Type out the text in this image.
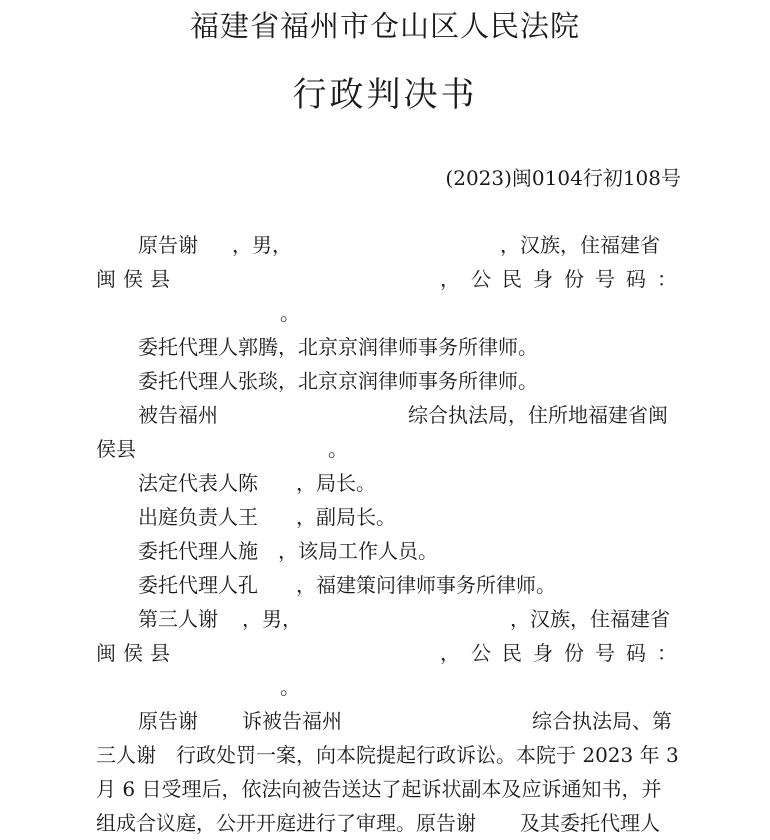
福建省福州市仓山区人民法院
行政判决书
(2023)闽0104行初108号
原告谢 ，男，	，汉族，住福建省
闽侯县	，公民身份号码：
。
委托代理人郭腾，北京京润律师事务所律师。
委托代理人张琰，北京京润律师事务所律师。
被告福州	综合执法局，住所地福建省闽
侯县	。
法定代表人陈 ，局长。
出庭负责人王 ，副局长。
委托代理人施 ，该局工作人员。
委托代理人孔 ，福建策问律师事务所律师。
第三人谢 ，男，	，汉族，住福建省
闽侯县	，公民身份号码：
。
原告谢 诉被告福州	综合执法局、第
三人谢　行政处罚一案，向本院提起行政诉讼。本院于 2023 年 3
月 6 日受理后，依法向被告送达了起诉状副本及应诉通知书，并
组成合议庭，公开开庭进行了审理。原告谢 及其委托代理人
